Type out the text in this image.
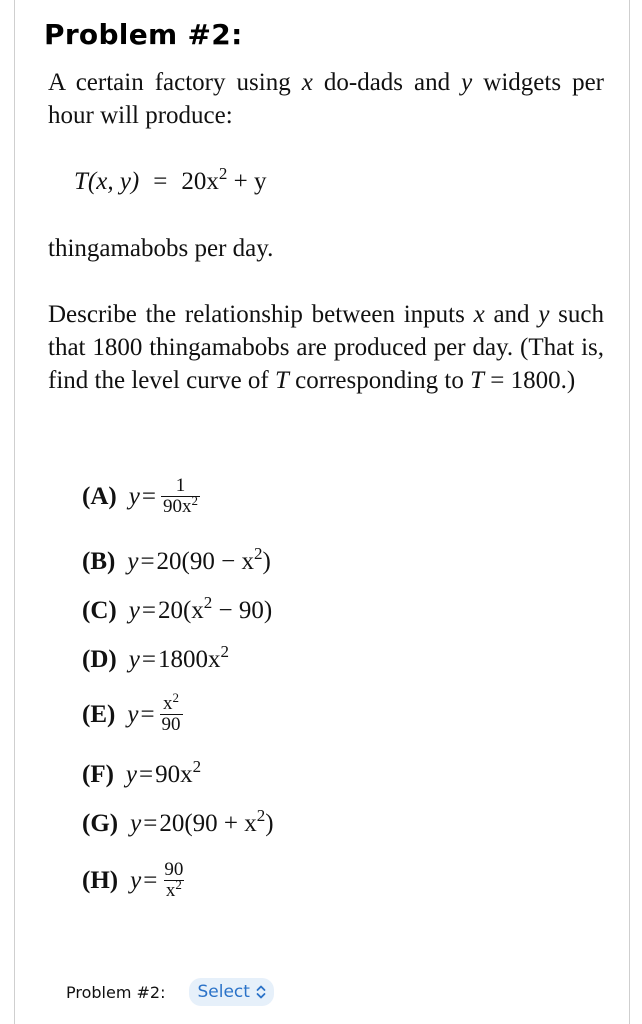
Problem #2:
A certain factory using x do-dads and y widgets per hour will produce:
T(x, $y) = 20x^2 + y$
thingamabobs per day.
Describe the relationship between inputs x and y such that 1800 thingamabobs are produced per day. (That is, find the level curve of T corresponding to T = 1800.)
(A) $y = \frac{1}{90x^2}$
(B) $y = 20(90 - x^2)$
(C) $y = 20(x^2 - 90)$
(D) $y = 1800x^2$
(E) $y = \frac{x^2}{90}$
(F) $y = 90x^2$
(G) $y = 20(90 + x^2)$
(H) $y = \frac{90}{x^2}$
Problem #2: Select
